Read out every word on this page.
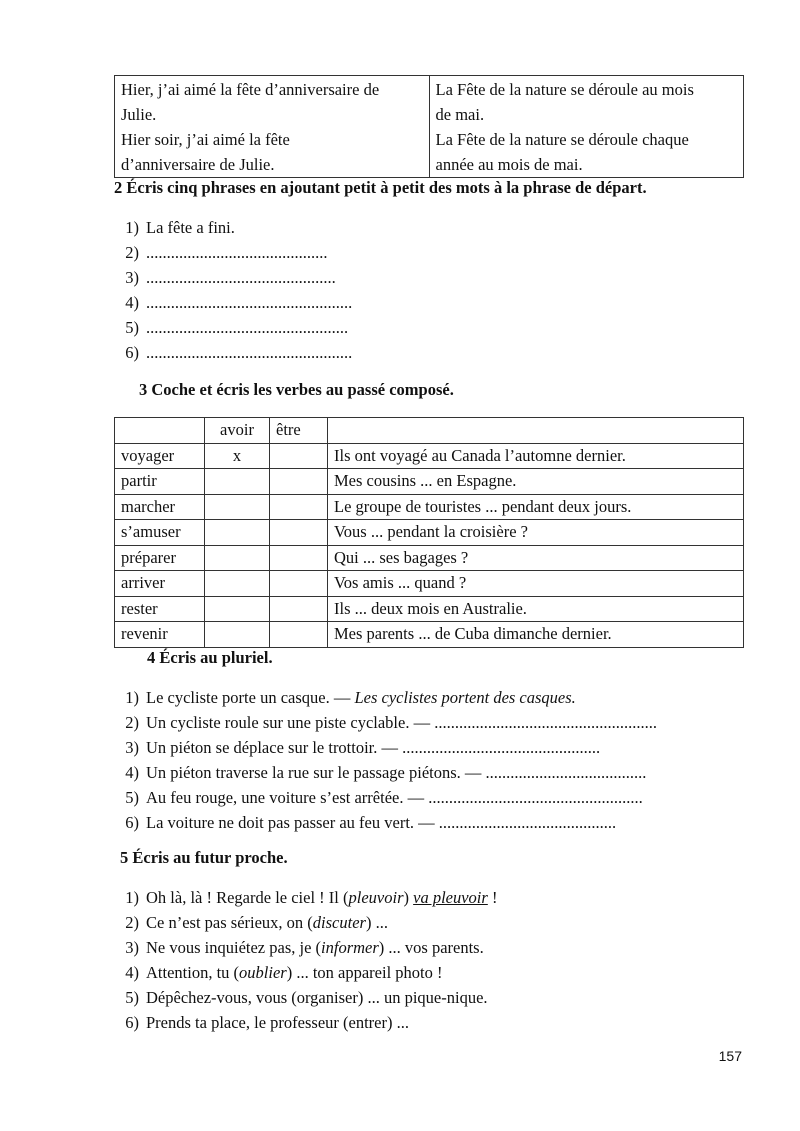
Hier, j’ai aimé la fête d’anniversaire de
Julie.
Hier soir, j’ai aimé la fête
d’anniversaire de Julie.

La Fête de la nature se déroule au mois
de mai.
La Fête de la nature se déroule chaque
année au mois de mai.
2 Écris cinq phrases en ajoutant petit à petit des mots à la phrase de départ.
1) La fête a fini.
2) ............................................
3) ..............................................
4) ..................................................
5) .................................................
6) ..................................................
3 Coche et écris les verbes au passé composé.
	avoir	être	
voyager	x		Ils ont voyagé au Canada l’automne dernier.
partir			Mes cousins ... en Espagne.
marcher			Le groupe de touristes ... pendant deux jours.
s’amuser			Vous ... pendant la croisière ?
préparer			Qui ... ses bagages ?
arriver			Vos amis ... quand ?
rester			Ils ... deux mois en Australie.
revenir			Mes parents ... de Cuba dimanche dernier.
4 Écris au pluriel.
1) Le cycliste porte un casque. — Les cyclistes portent des casques.
2) Un cycliste roule sur une piste cyclable. — ......................................................
3) Un piéton se déplace sur le trottoir. — ................................................
4) Un piéton traverse la rue sur le passage piétons. — .......................................
5) Au feu rouge, une voiture s’est arrêtée. — ....................................................
6) La voiture ne doit pas passer au feu vert. — ...........................................
5 Écris au futur proche.
1) Oh là, là ! Regarde le ciel ! Il (pleuvoir) va pleuvoir !
2) Ce n’est pas sérieux, on (discuter) ...
3) Ne vous inquiétez pas, je (informer) ... vos parents.
4) Attention, tu (oublier) ... ton appareil photo !
5) Dépêchez-vous, vous (organiser) ... un pique-nique.
6) Prends ta place, le professeur (entrer) ...
157
